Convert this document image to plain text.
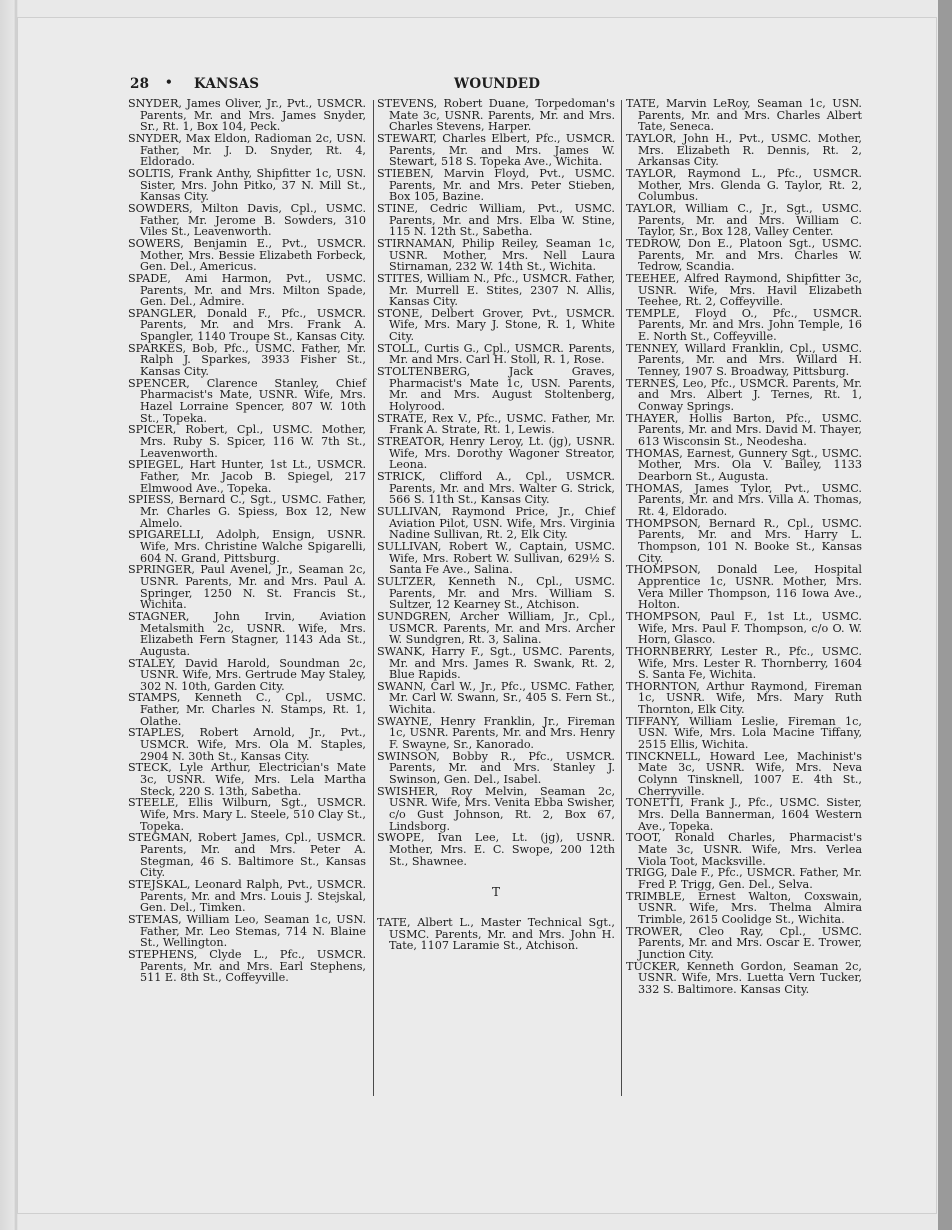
28 • KANSAS	WOUNDED

SNYDER, James Oliver, Jr., Pvt., USMCR. Parents, Mr. and Mrs. James Snyder, Sr., Rt. 1, Box 104, Peck.

SNYDER, Max Eldon, Radioman 2c, USN. Father, Mr. J. D. Snyder, Rt. 4, Eldorado.

SOLTIS, Frank Anthy, Shipfitter 1c, USN. Sister, Mrs. John Pitko, 37 N. Mill St., Kansas City.

SOWDERS, Milton Davis, Cpl., USMC. Father, Mr. Jerome B. Sowders, 310 Viles St., Leavenworth.

SOWERS, Benjamin E., Pvt., USMCR. Mother, Mrs. Bessie Elizabeth Forbeck, Gen. Del., Americus.

SPADE, Ami Harmon, Pvt., USMC. Parents, Mr. and Mrs. Milton Spade, Gen. Del., Admire.

SPANGLER, Donald F., Pfc., USMCR. Parents, Mr. and Mrs. Frank A. Spangler, 1140 Troupe St., Kansas City.

SPARKES, Bob, Pfc., USMC. Father, Mr. Ralph J. Sparkes, 3933 Fisher St., Kansas City.

SPENCER, Clarence Stanley, Chief Pharmacist's Mate, USNR. Wife, Mrs. Hazel Lorraine Spencer, 807 W. 10th St., Topeka.

SPICER, Robert, Cpl., USMC. Mother, Mrs. Ruby S. Spicer, 116 W. 7th St., Leavenworth.

SPIEGEL, Hart Hunter, 1st Lt., USMCR. Father, Mr. Jacob B. Spiegel, 217 Elmwood Ave., Topeka.

SPIESS, Bernard C., Sgt., USMC. Father, Mr. Charles G. Spiess, Box 12, New Almelo.

SPIGARELLI, Adolph, Ensign, USNR. Wife, Mrs. Christine Walche Spigarelli, 604 N. Grand, Pittsburg.

SPRINGER, Paul Avenel, Jr., Seaman 2c, USNR. Parents, Mr. and Mrs. Paul A. Springer, 1250 N. St. Francis St., Wichita.

STAGNER, John Irvin, Aviation Metalsmith 2c, USNR. Wife, Mrs. Elizabeth Fern Stagner, 1143 Ada St., Augusta.

STALEY, David Harold, Soundman 2c, USNR. Wife, Mrs. Gertrude May Staley, 302 N. 10th, Garden City.

STAMPS, Kenneth C., Cpl., USMC. Father, Mr. Charles N. Stamps, Rt. 1, Olathe.

STAPLES, Robert Arnold, Jr., Pvt., USMCR. Wife, Mrs. Ola M. Staples, 2904 N. 30th St., Kansas City.

STECK, Lyle Arthur, Electrician's Mate 3c, USNR. Wife, Mrs. Lela Martha Steck, 220 S. 13th, Sabetha.

STEELE, Ellis Wilburn, Sgt., USMCR. Wife, Mrs. Mary L. Steele, 510 Clay St., Topeka.

STEGMAN, Robert James, Cpl., USMCR. Parents, Mr. and Mrs. Peter A. Stegman, 46 S. Baltimore St., Kansas City.

STEJSKAL, Leonard Ralph, Pvt., USMCR. Parents, Mr. and Mrs. Louis J. Stejskal, Gen. Del., Timken.

STEMAS, William Leo, Seaman 1c, USN. Father, Mr. Leo Stemas, 714 N. Blaine St., Wellington.

STEPHENS, Clyde L., Pfc., USMCR. Parents, Mr. and Mrs. Earl Stephens, 511 E. 8th St., Coffeyville.

STEVENS, Robert Duane, Torpedoman's Mate 3c, USNR. Parents, Mr. and Mrs. Charles Stevens, Harper.

STEWART, Charles Elbert, Pfc., USMCR. Parents, Mr. and Mrs. James W. Stewart, 518 S. Topeka Ave., Wichita.

STIEBEN, Marvin Floyd, Pvt., USMC. Parents, Mr. and Mrs. Peter Stieben, Box 105, Bazine.

STINE, Cedric William, Pvt., USMC. Parents, Mr. and Mrs. Elba W. Stine, 115 N. 12th St., Sabetha.

STIRNAMAN, Philip Reiley, Seaman 1c, USNR. Mother, Mrs. Nell Laura Stirnaman, 232 W. 14th St., Wichita.

STITES, William N., Pfc., USMCR. Father, Mr. Murrell E. Stites, 2307 N. Allis, Kansas City.

STONE, Delbert Grover, Pvt., USMCR. Wife, Mrs. Mary J. Stone, R. 1, White City.

STOLL, Curtis G., Cpl., USMCR. Parents, Mr. and Mrs. Carl H. Stoll, R. 1, Rose.

STOLTENBERG, Jack Graves, Pharmacist's Mate 1c, USN. Parents, Mr. and Mrs. August Stoltenberg, Holyrood.

STRATE, Rex V., Pfc., USMC. Father, Mr. Frank A. Strate, Rt. 1, Lewis.

STREATOR, Henry Leroy, Lt. (jg), USNR. Wife, Mrs. Dorothy Wagoner Streator, Leona.

STRICK, Clifford A., Cpl., USMCR. Parents, Mr. and Mrs. Walter G. Strick, 566 S. 11th St., Kansas City.

SULLIVAN, Raymond Price, Jr., Chief Aviation Pilot, USN. Wife, Mrs. Virginia Nadine Sullivan, Rt. 2, Elk City.

SULLIVAN, Robert W., Captain, USMC. Wife, Mrs. Robert W. Sullivan, 629½ S. Santa Fe Ave., Salina.

SULTZER, Kenneth N., Cpl., USMC. Parents, Mr. and Mrs. William S. Sultzer, 12 Kearney St., Atchison.

SUNDGREN, Archer William, Jr., Cpl., USMCR. Parents, Mr. and Mrs. Archer W. Sundgren, Rt. 3, Salina.

SWANK, Harry F., Sgt., USMC. Parents, Mr. and Mrs. James R. Swank, Rt. 2, Blue Rapids.

SWANN, Carl W., Jr., Pfc., USMC. Father, Mr. Carl W. Swann, Sr., 405 S. Fern St., Wichita.

SWAYNE, Henry Franklin, Jr., Fireman 1c, USNR. Parents, Mr. and Mrs. Henry F. Swayne, Sr., Kanorado.

SWINSON, Bobby R., Pfc., USMCR. Parents, Mr. and Mrs. Stanley J. Swinson, Gen. Del., Isabel.

SWISHER, Roy Melvin, Seaman 2c, USNR. Wife, Mrs. Venita Ebba Swisher, c/o Gust Johnson, Rt. 2, Box 67, Lindsborg.

SWOPE, Ivan Lee, Lt. (jg), USNR. Mother, Mrs. E. C. Swope, 200 12th St., Shawnee.

T

TATE, Albert L., Master Technical Sgt., USMC. Parents, Mr. and Mrs. John H. Tate, 1107 Laramie St., Atchison.

TATE, Marvin LeRoy, Seaman 1c, USN. Parents, Mr. and Mrs. Charles Albert Tate, Seneca.

TAYLOR, John H., Pvt., USMC. Mother, Mrs. Elizabeth R. Dennis, Rt. 2, Arkansas City.

TAYLOR, Raymond L., Pfc., USMCR. Mother, Mrs. Glenda G. Taylor, Rt. 2, Columbus.

TAYLOR, William C., Jr., Sgt., USMC. Parents, Mr. and Mrs. William C. Taylor, Sr., Box 128, Valley Center.

TEDROW, Don E., Platoon Sgt., USMC. Parents, Mr. and Mrs. Charles W. Tedrow, Scandia.

TEEHEE, Alfred Raymond, Shipfitter 3c, USNR. Wife, Mrs. Havil Elizabeth Teehee, Rt. 2, Coffeyville.

TEMPLE, Floyd O., Pfc., USMCR. Parents, Mr. and Mrs. John Temple, 16 E. North St., Coffeyville.

TENNEY, Willard Franklin, Cpl., USMC. Parents, Mr. and Mrs. Willard H. Tenney, 1907 S. Broadway, Pittsburg.

TERNES, Leo, Pfc., USMCR. Parents, Mr. and Mrs. Albert J. Ternes, Rt. 1, Conway Springs.

THAYER, Hollis Barton, Pfc., USMC. Parents, Mr. and Mrs. David M. Thayer, 613 Wisconsin St., Neodesha.

THOMAS, Earnest, Gunnery Sgt., USMC. Mother, Mrs. Ola V. Bailey, 1133 Dearborn St., Augusta.

THOMAS, James Tylor, Pvt., USMC. Parents, Mr. and Mrs. Villa A. Thomas, Rt. 4, Eldorado.

THOMPSON, Bernard R., Cpl., USMC. Parents, Mr. and Mrs. Harry L. Thompson, 101 N. Booke St., Kansas City.

THOMPSON, Donald Lee, Hospital Apprentice 1c, USNR. Mother, Mrs. Vera Miller Thompson, 116 Iowa Ave., Holton.

THOMPSON, Paul F., 1st Lt., USMC. Wife, Mrs. Paul F. Thompson, c/o O. W. Horn, Glasco.

THORNBERRY, Lester R., Pfc., USMC. Wife, Mrs. Lester R. Thornberry, 1604 S. Santa Fe, Wichita.

THORNTON, Arthur Raymond, Fireman 1c, USNR. Wife, Mrs. Mary Ruth Thornton, Elk City.

TIFFANY, William Leslie, Fireman 1c, USN. Wife, Mrs. Lola Macine Tiffany, 2515 Ellis, Wichita.

TINCKNELL, Howard Lee, Machinist's Mate 3c, USNR. Wife, Mrs. Neva Colynn Tinsknell, 1007 E. 4th St., Cherryville.

TONETTI, Frank J., Pfc., USMC. Sister, Mrs. Della Bannerman, 1604 Western Ave., Topeka.

TOOT, Ronald Charles, Pharmacist's Mate 3c, USNR. Wife, Mrs. Verlea Viola Toot, Macksville.

TRIGG, Dale F., Pfc., USMCR. Father, Mr. Fred P. Trigg, Gen. Del., Selva.

TRIMBLE, Ernest Walton, Coxswain, USNR. Wife, Mrs. Thelma Almira Trimble, 2615 Coolidge St., Wichita.

TROWER, Cleo Ray, Cpl., USMC. Parents, Mr. and Mrs. Oscar E. Trower, Junction City.

TUCKER, Kenneth Gordon, Seaman 2c, USNR. Wife, Mrs. Luetta Vern Tucker, 332 S. Baltimore. Kansas City.
